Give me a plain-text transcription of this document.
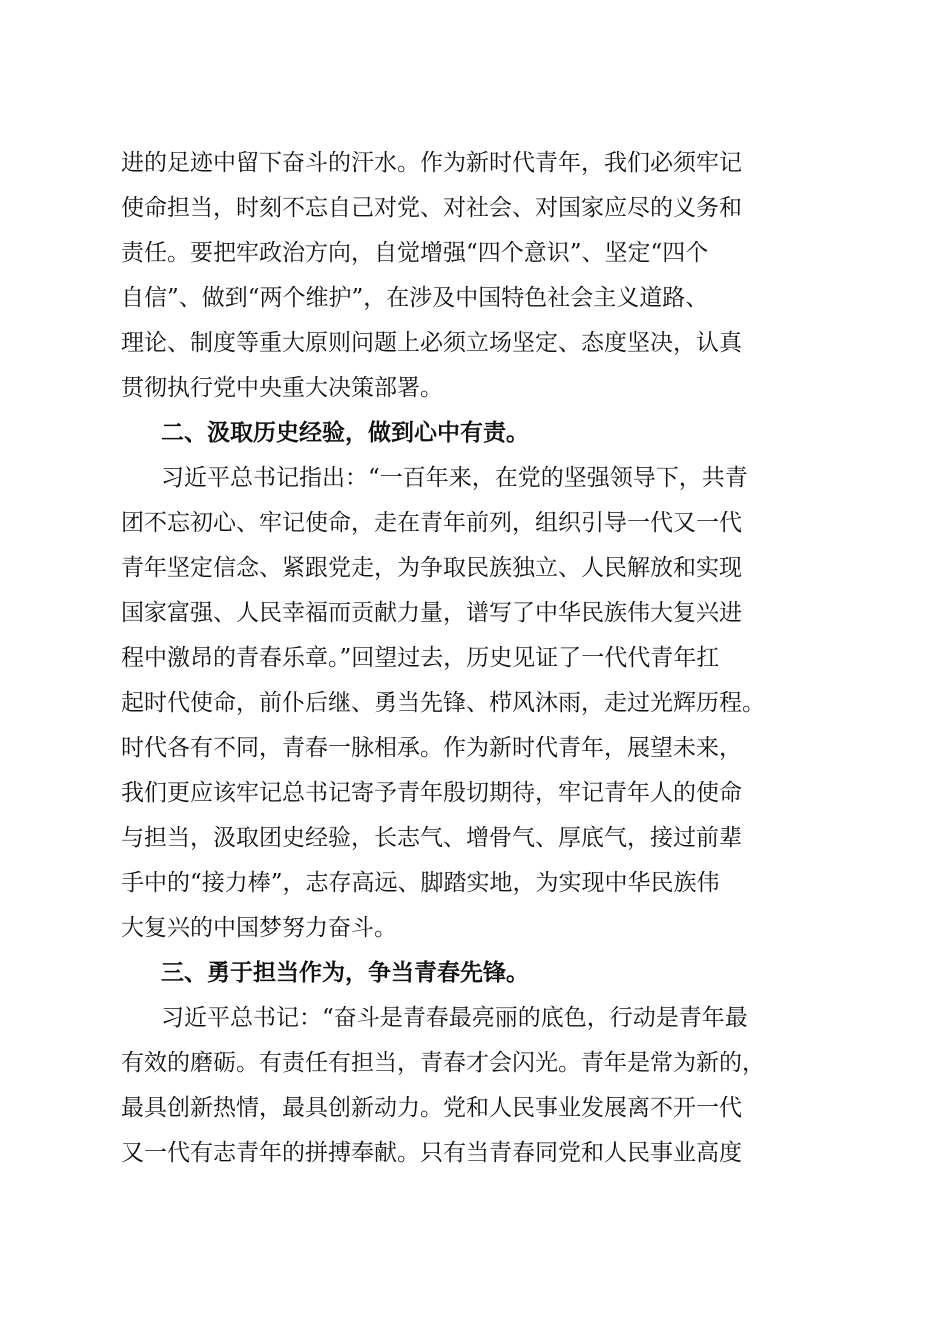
进的足迹中留下奋斗的汗水。作为新时代青年，我们必须牢记
使命担当，时刻不忘自己对党、对社会、对国家应尽的义务和
责任。要把牢政治方向，自觉增强“四个意识”、坚定“四个
自信”、做到“两个维护”，在涉及中国特色社会主义道路、
理论、制度等重大原则问题上必须立场坚定、态度坚决，认真
贯彻执行党中央重大决策部署。
二、汲取历史经验，做到心中有责。
习近平总书记指出：“一百年来，在党的坚强领导下，共青
团不忘初心、牢记使命，走在青年前列，组织引导一代又一代
青年坚定信念、紧跟党走，为争取民族独立、人民解放和实现
国家富强、人民幸福而贡献力量，谱写了中华民族伟大复兴进
程中激昂的青春乐章。”回望过去，历史见证了一代代青年扛
起时代使命，前仆后继、勇当先锋、栉风沐雨，走过光辉历程。
时代各有不同，青春一脉相承。作为新时代青年，展望未来，
我们更应该牢记总书记寄予青年殷切期待，牢记青年人的使命
与担当，汲取团史经验，长志气、增骨气、厚底气，接过前辈
手中的“接力棒”，志存高远、脚踏实地，为实现中华民族伟
大复兴的中国梦努力奋斗。
三、勇于担当作为，争当青春先锋。
习近平总书记：“奋斗是青春最亮丽的底色，行动是青年最
有效的磨砺。有责任有担当，青春才会闪光。青年是常为新的，
最具创新热情，最具创新动力。党和人民事业发展离不开一代
又一代有志青年的拼搏奉献。只有当青春同党和人民事业高度
